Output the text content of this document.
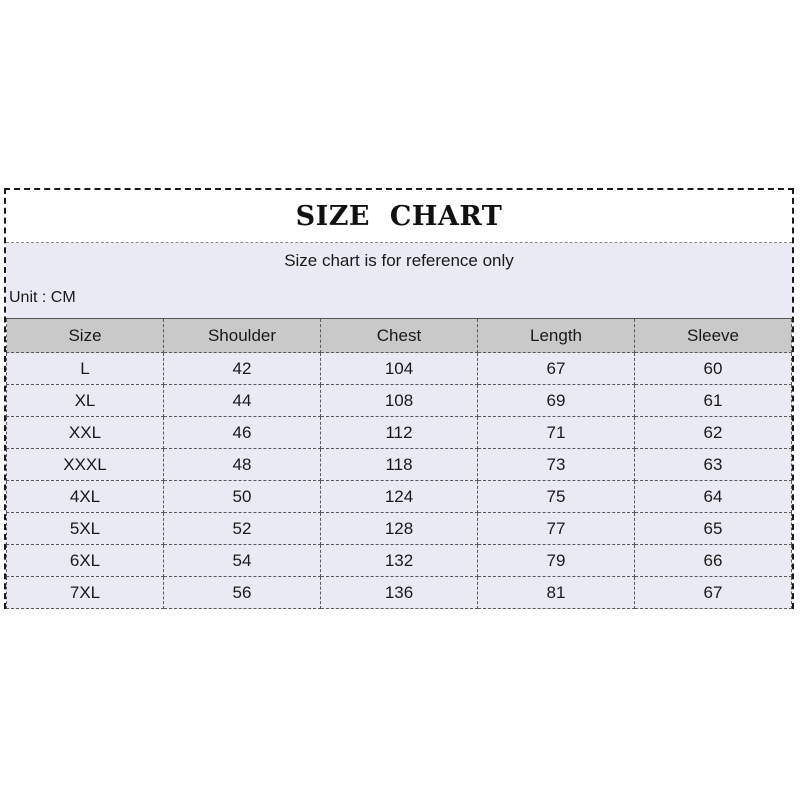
SIZE CHART
Size chart is for reference only
Unit : CM
Size	Shoulder	Chest	Length	Sleeve
L	42	104	67	60
XL	44	108	69	61
XXL	46	112	71	62
XXXL	48	118	73	63
4XL	50	124	75	64
5XL	52	128	77	65
6XL	54	132	79	66
7XL	56	136	81	67
